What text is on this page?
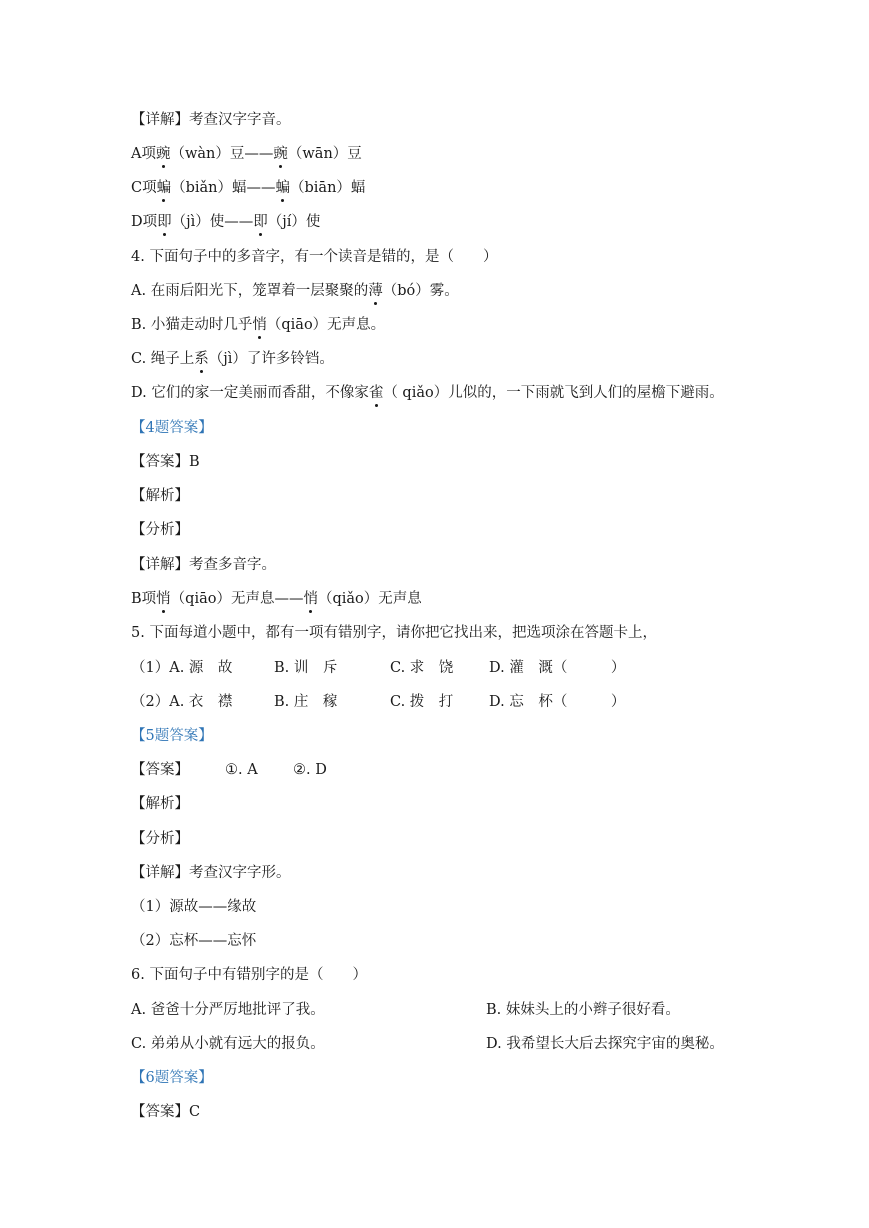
【详解】考查汉字字音。
A项豌（wàn）豆——豌（wān）豆
C项蝙（biǎn）蝠——蝙（biān）蝠
D项即（jì）使——即（jí）使
4. 下面句子中的多音字，有一个读音是错的，是（　　）
A. 在雨后阳光下，笼罩着一层聚聚的薄（bó）雾。
B. 小猫走动时几乎悄（qiāo）无声息。
C. 绳子上系（jì）了许多铃铛。
D. 它们的家一定美丽而香甜，不像家雀（ qiǎo）儿似的，一下雨就飞到人们的屋檐下避雨。
【4题答案】
【答案】B
【解析】
【分析】
【详解】考查多音字。
B项悄（qiāo）无声息——悄（qiǎo）无声息
5. 下面每道小题中，都有一项有错别字，请你把它找出来，把选项涂在答题卡上，
（1）A. 源　故	B. 训　斥	C. 求　饶 D. 灌　溉（　　　）
（2）A. 衣　襟	B. 庄　稼	C. 拨　打 D. 忘　杯（　　　）
【5题答案】
【答案】 ①. A ②. D
【解析】
【分析】
【详解】考查汉字字形。
（1）源故——缘故
（2）忘杯——忘怀
6. 下面句子中有错别字的是（　　）
A. 爸爸十分严厉地批评了我。	B. 妹妹头上的小辫子很好看。
C. 弟弟从小就有远大的报负。	D. 我希望长大后去探究宇宙的奥秘。
【6题答案】
【答案】C
